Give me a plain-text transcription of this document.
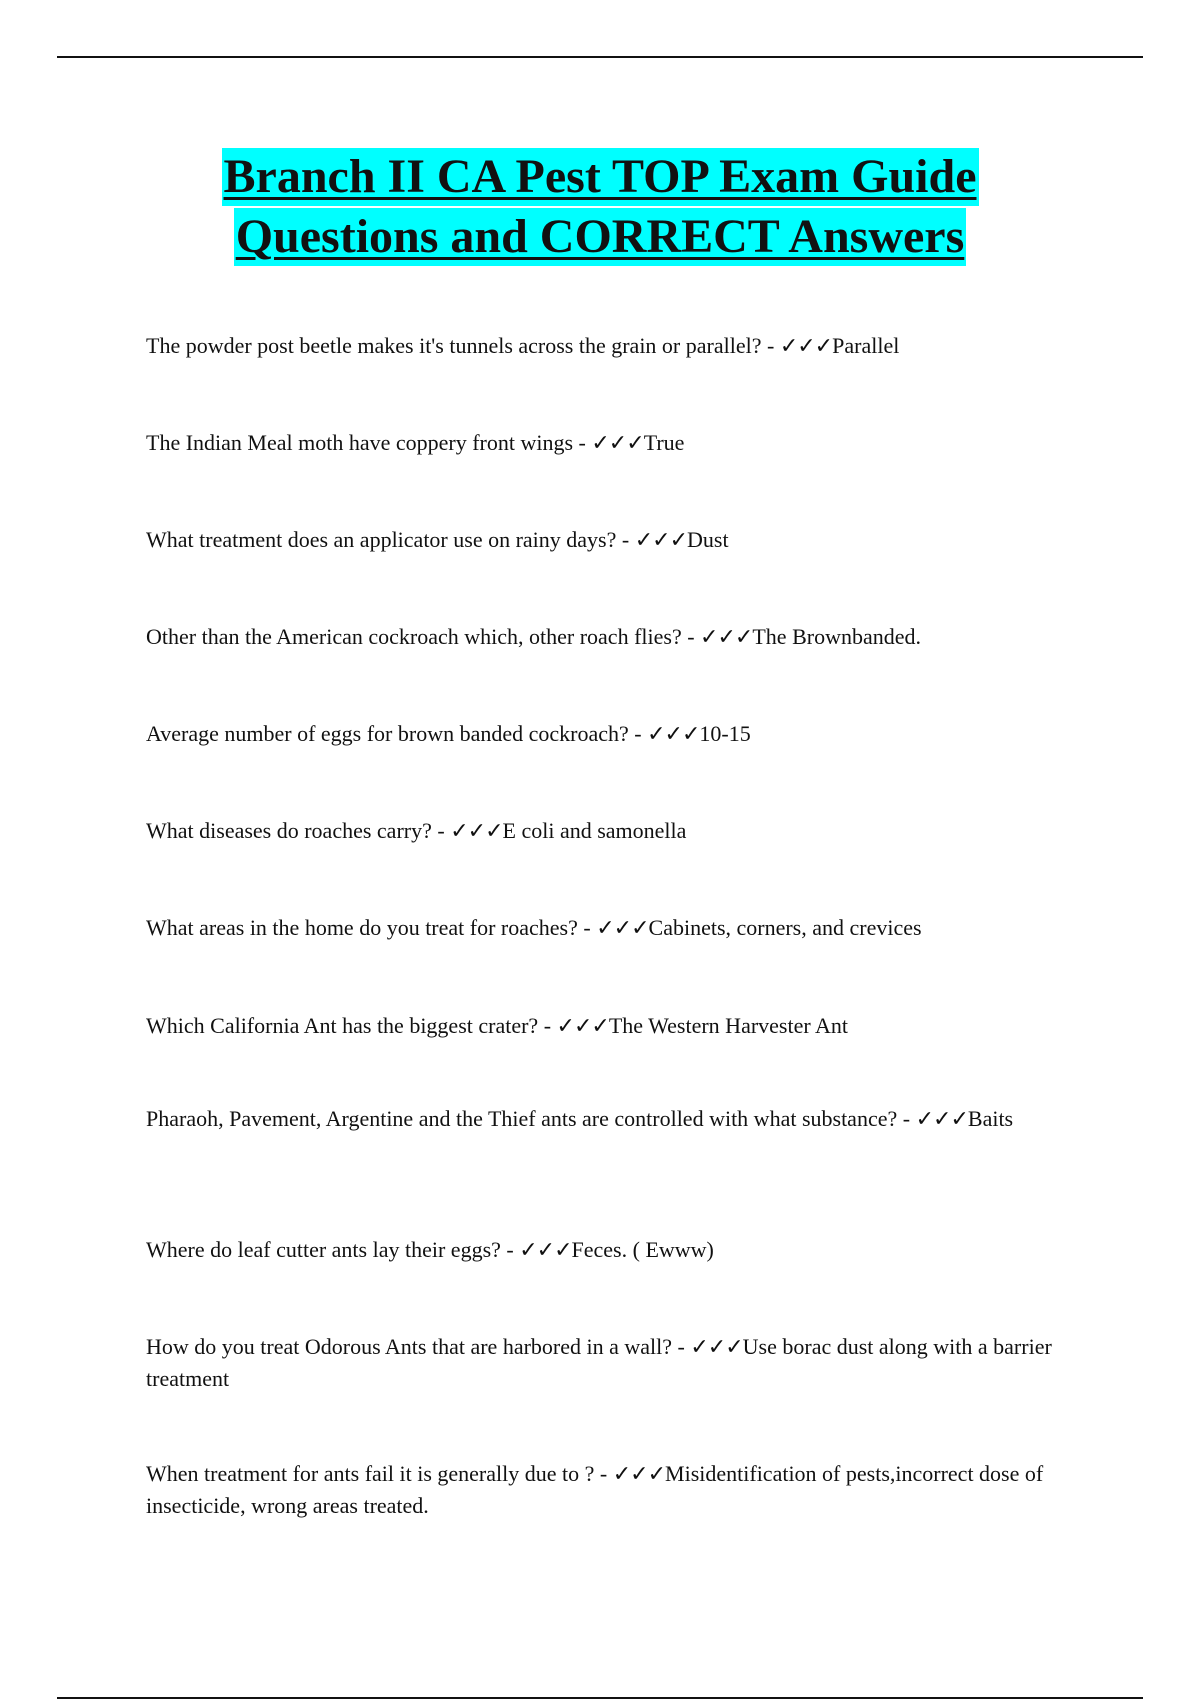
Branch II CA Pest TOP Exam Guide
Questions and CORRECT Answers
The powder post beetle makes it's tunnels across the grain or parallel? - ✓✓✓Parallel
The Indian Meal moth have coppery front wings - ✓✓✓True
What treatment does an applicator use on rainy days? - ✓✓✓Dust
Other than the American cockroach which, other roach flies? - ✓✓✓The Brownbanded.
Average number of eggs for brown banded cockroach? - ✓✓✓10-15
What diseases do roaches carry? - ✓✓✓E coli and samonella
What areas in the home do you treat for roaches? - ✓✓✓Cabinets, corners, and crevices
Which California Ant has the biggest crater? - ✓✓✓The Western Harvester Ant
Pharaoh, Pavement, Argentine and the Thief ants are controlled with what substance? - ✓✓✓Baits
Where do leaf cutter ants lay their eggs? - ✓✓✓Feces. ( Ewww)
How do you treat Odorous Ants that are harbored in a wall? - ✓✓✓Use borac dust along with a barrier treatment
When treatment for ants fail it is generally due to ? - ✓✓✓Misidentification of pests,incorrect dose of insecticide, wrong areas treated.
